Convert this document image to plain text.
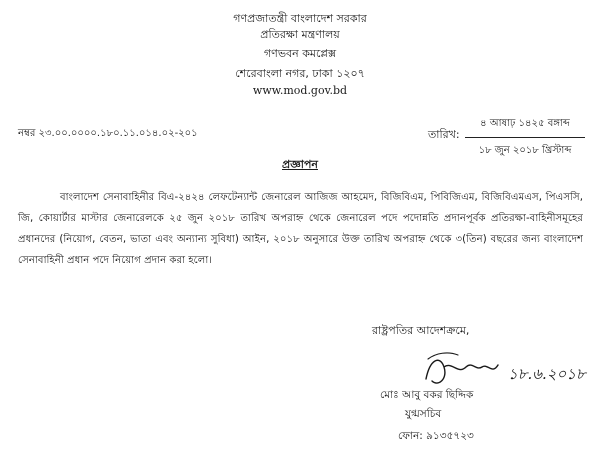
গণপ্রজাতন্ত্রী বাংলাদেশ সরকার
প্রতিরক্ষা মন্ত্রণালয়
গণভবন কমপ্লেক্স
শেরেবাংলা নগর, ঢাকা ১২০৭
www.mod.gov.bd
নম্বর ২৩.০০.০০০০.১৮০.১১.০১৪.০২-২০১	তারিখ:
৪ আষাঢ় ১৪২৫ বঙ্গাব্দ
১৮ জুন ২০১৮ খ্রিস্টাব্দ
প্রজ্ঞাপন

বাংলাদেশ সেনাবাহিনীর বিএ-২৪২৪ লেফটেন্যান্ট জেনারেল আজিজ আহমেদ, বিজিবিএম, পিবিজিএম, বিজিবিএমএস, পিএসসি, জি, কোয়ার্টার মাস্টার জেনারেলকে ২৫ জুন ২০১৮ তারিখ অপরাহ্ন থেকে জেনারেল পদে পদোন্নতি প্রদানপূর্বক প্রতিরক্ষা-বাহিনীসমূহের প্রধানদের (নিয়োগ, বেতন, ভাতা এবং অন্যান্য সুবিধা) আইন, ২০১৮ অনুসারে উক্ত তারিখ অপরাহ্ন থেকে ৩(তিন) বছরের জন্য বাংলাদেশ সেনাবাহিনী প্রধান পদে নিয়োগ প্রদান করা হলো।

রাষ্ট্রপতির আদেশক্রমে,
১৮.৬.২০১৮
মোঃ আবু বকর ছিদ্দিক
যুগ্মসচিব
ফোন: ৯১৩৫৭২৩
